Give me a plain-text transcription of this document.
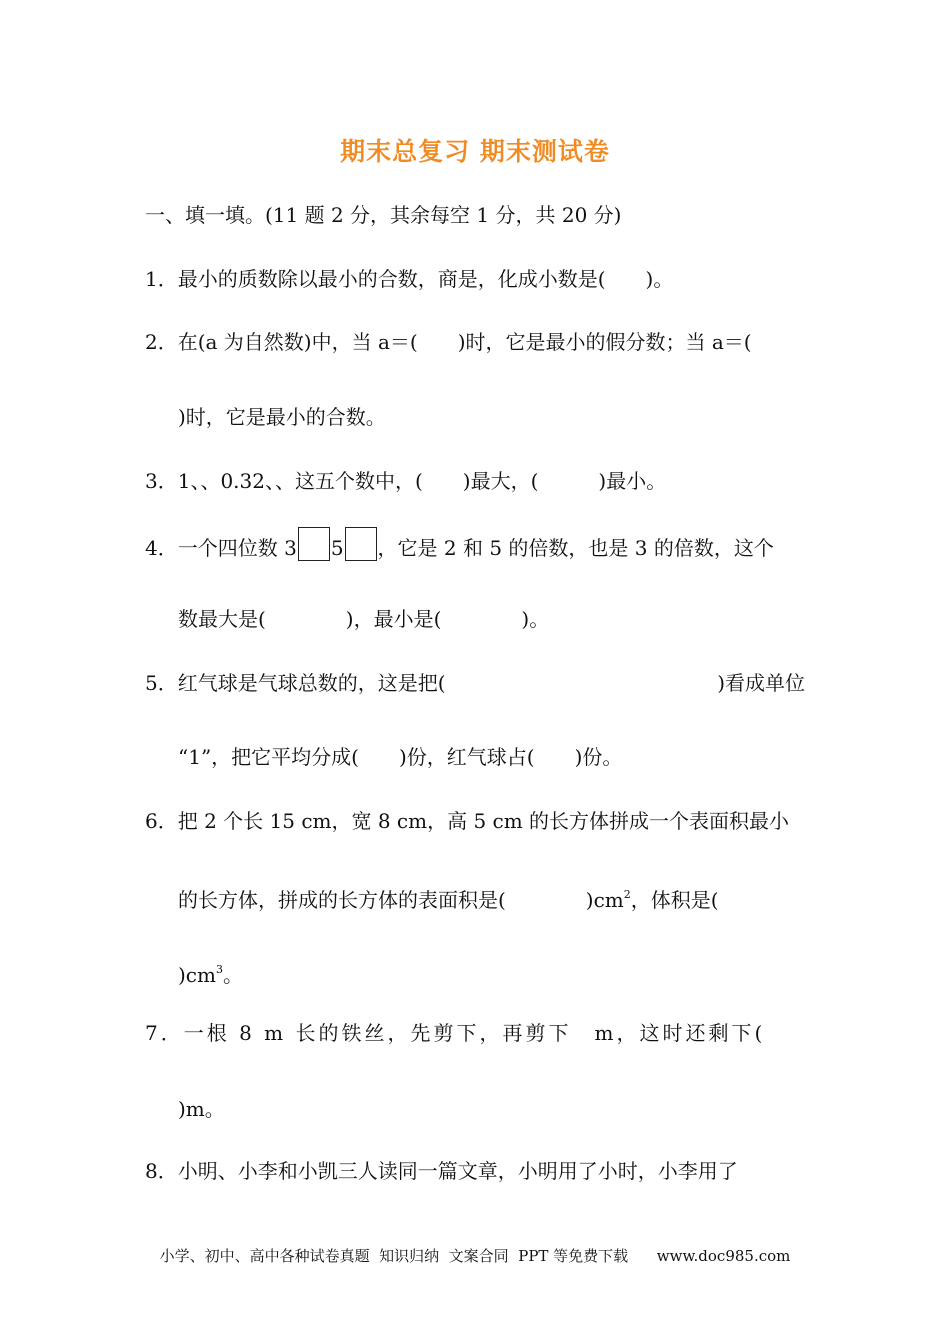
期末总复习 期末测试卷
一、填一填。(11 题 2 分，其余每空 1 分，共 20 分)
1．最小的质数除以最小的合数，商是，化成小数是(　　)。
2．在(a 为自然数)中，当 a＝(　　)时，它是最小的假分数；当 a＝(
)时，它是最小的合数。
3．1、、0.32、、这五个数中，(　　)最大，(　　　)最小。
4．一个四位数 3 5 ，它是 2 和 5 的倍数，也是 3 的倍数，这个
数最大是(　　　　)，最小是(　　　　)。
5．红气球是气球总数的，这是把(	)看成单位
“1”，把它平均分成(　　)份，红气球占(　　)份。
6．把 2 个长 15 cm，宽 8 cm，高 5 cm 的长方体拼成一个表面积最小
的长方体，拼成的长方体的表面积是(　　　　)$cm^2$，体积是(
)$cm^3$。
7．一根 8 m 长的铁丝，先剪下，再剪下　m，这时还剩下(
)m。
8．小明、小李和小凯三人读同一篇文章，小明用了小时，小李用了
小学、初中、高中各种试卷真题  知识归纳  文案合同  PPT 等免费下载      www.doc985.com
